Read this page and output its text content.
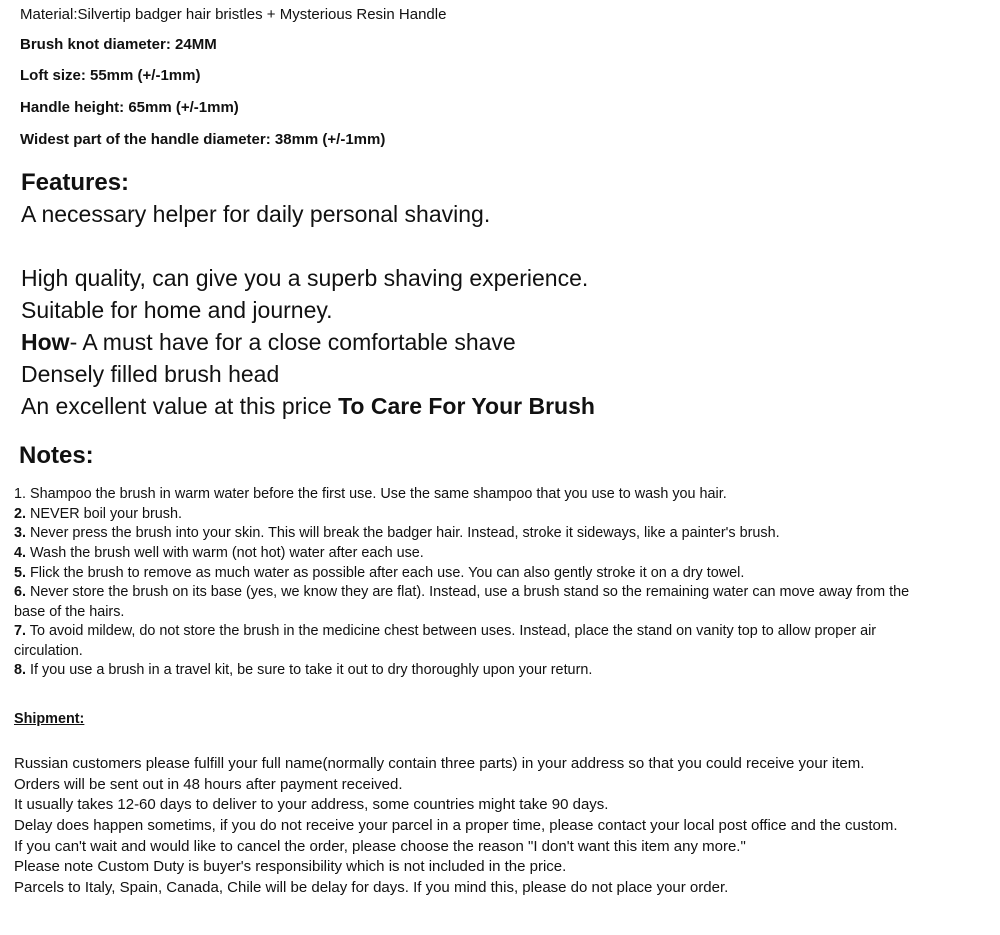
Material:Silvertip badger hair bristles + Mysterious Resin Handle
Brush knot diameter: 24MM
Loft size: 55mm (+/-1mm)
Handle height: 65mm (+/-1mm)
Widest part of the handle diameter: 38mm (+/-1mm)
Features:
A necessary helper for daily personal shaving.
High quality, can give you a superb shaving experience.
Suitable for home and journey.
How- A must have for a close comfortable shave
Densely filled brush head
An excellent value at this price To Care For Your Brush
Notes:
1. Shampoo the brush in warm water before the first use. Use the same shampoo that you use to wash you hair.
2. NEVER boil your brush.
3. Never press the brush into your skin. This will break the badger hair. Instead, stroke it sideways, like a painter's brush.
4. Wash the brush well with warm (not hot) water after each use.
5. Flick the brush to remove as much water as possible after each use. You can also gently stroke it on a dry towel.
6. Never store the brush on its base (yes, we know they are flat). Instead, use a brush stand so the remaining water can move away from the
base of the hairs.
7. To avoid mildew, do not store the brush in the medicine chest between uses. Instead, place the stand on vanity top to allow proper air
circulation.
8. If you use a brush in a travel kit, be sure to take it out to dry thoroughly upon your return.
Shipment:
Russian customers please fulfill your full name(normally contain three parts) in your address so that you could receive your item.
Orders will be sent out in 48 hours after payment received.
It usually takes 12-60 days to deliver to your address, some countries might take 90 days.
Delay does happen sometims, if you do not receive your parcel in a proper time, please contact your local post office and the custom.
If you can't wait and would like to cancel the order, please choose the reason "I don't want this item any more."
Please note Custom Duty is buyer's responsibility which is not included in the price.
Parcels to Italy, Spain, Canada, Chile will be delay for days. If you mind this, please do not place your order.
